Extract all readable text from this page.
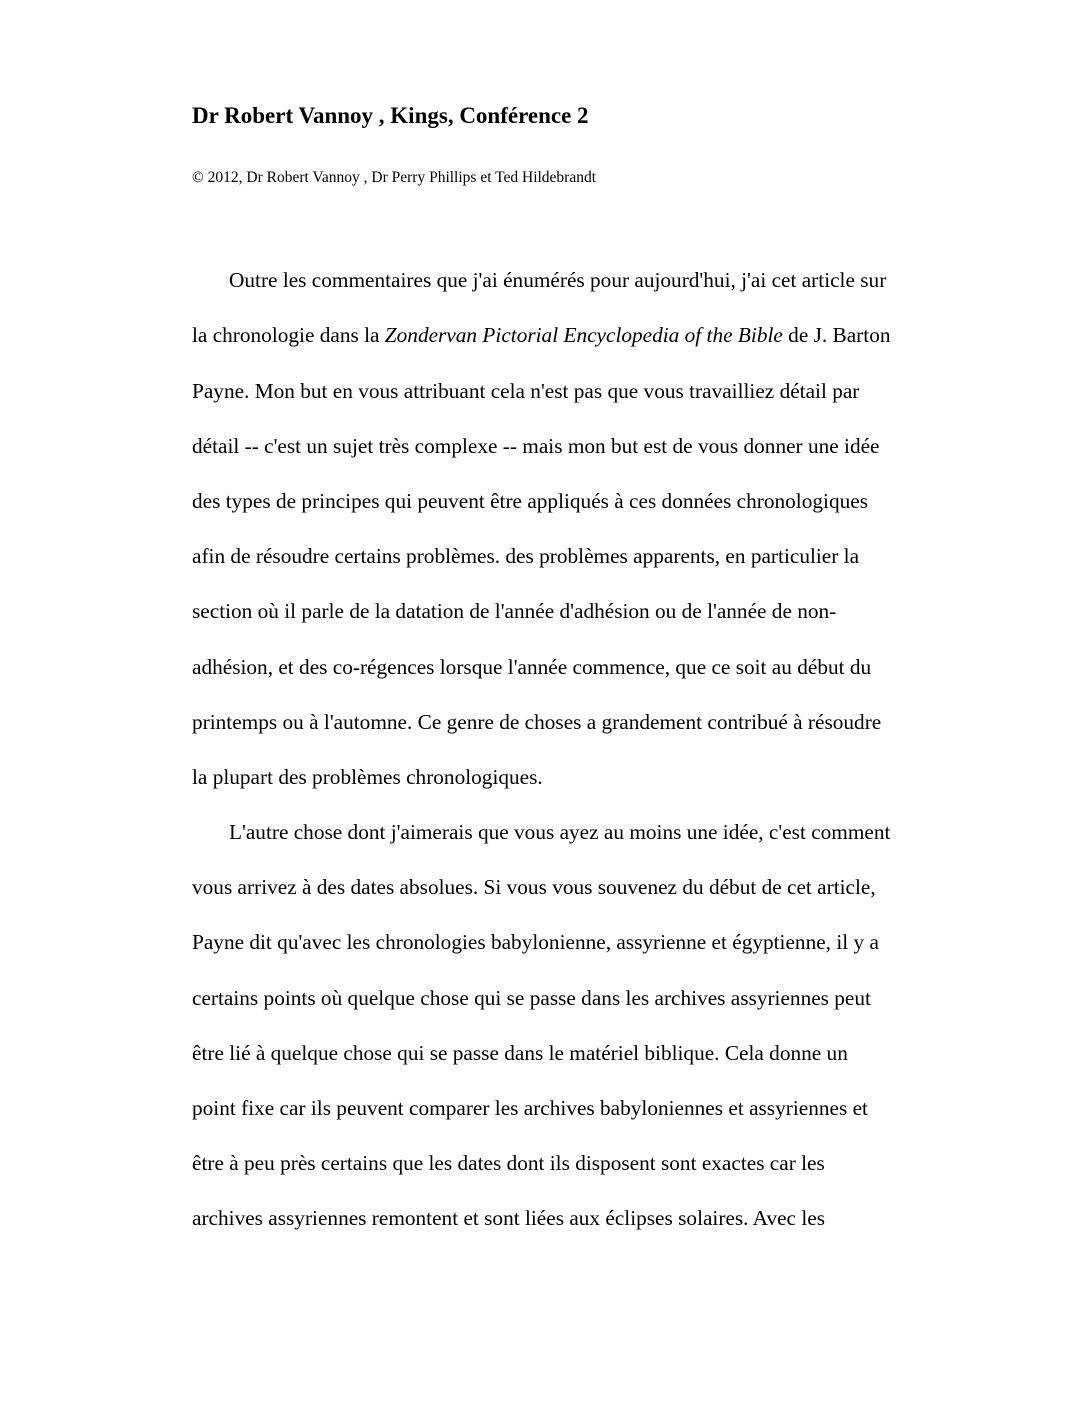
Dr Robert Vannoy , Kings, Conférence 2

© 2012, Dr Robert Vannoy , Dr Perry Phillips et Ted Hildebrandt

Outre les commentaires que j'ai énumérés pour aujourd'hui, j'ai cet article sur

la chronologie dans la Zondervan Pictorial Encyclopedia of the Bible de J. Barton

Payne. Mon but en vous attribuant cela n'est pas que vous travailliez détail par

détail -- c'est un sujet très complexe -- mais mon but est de vous donner une idée

des types de principes qui peuvent être appliqués à ces données chronologiques

afin de résoudre certains problèmes. des problèmes apparents, en particulier la

section où il parle de la datation de l'année d'adhésion ou de l'année de non-

adhésion, et des co-régences lorsque l'année commence, que ce soit au début du

printemps ou à l'automne. Ce genre de choses a grandement contribué à résoudre

la plupart des problèmes chronologiques.

L'autre chose dont j'aimerais que vous ayez au moins une idée, c'est comment

vous arrivez à des dates absolues. Si vous vous souvenez du début de cet article,

Payne dit qu'avec les chronologies babylonienne, assyrienne et égyptienne, il y a

certains points où quelque chose qui se passe dans les archives assyriennes peut

être lié à quelque chose qui se passe dans le matériel biblique. Cela donne un

point fixe car ils peuvent comparer les archives babyloniennes et assyriennes et

être à peu près certains que les dates dont ils disposent sont exactes car les

archives assyriennes remontent et sont liées aux éclipses solaires. Avec les
